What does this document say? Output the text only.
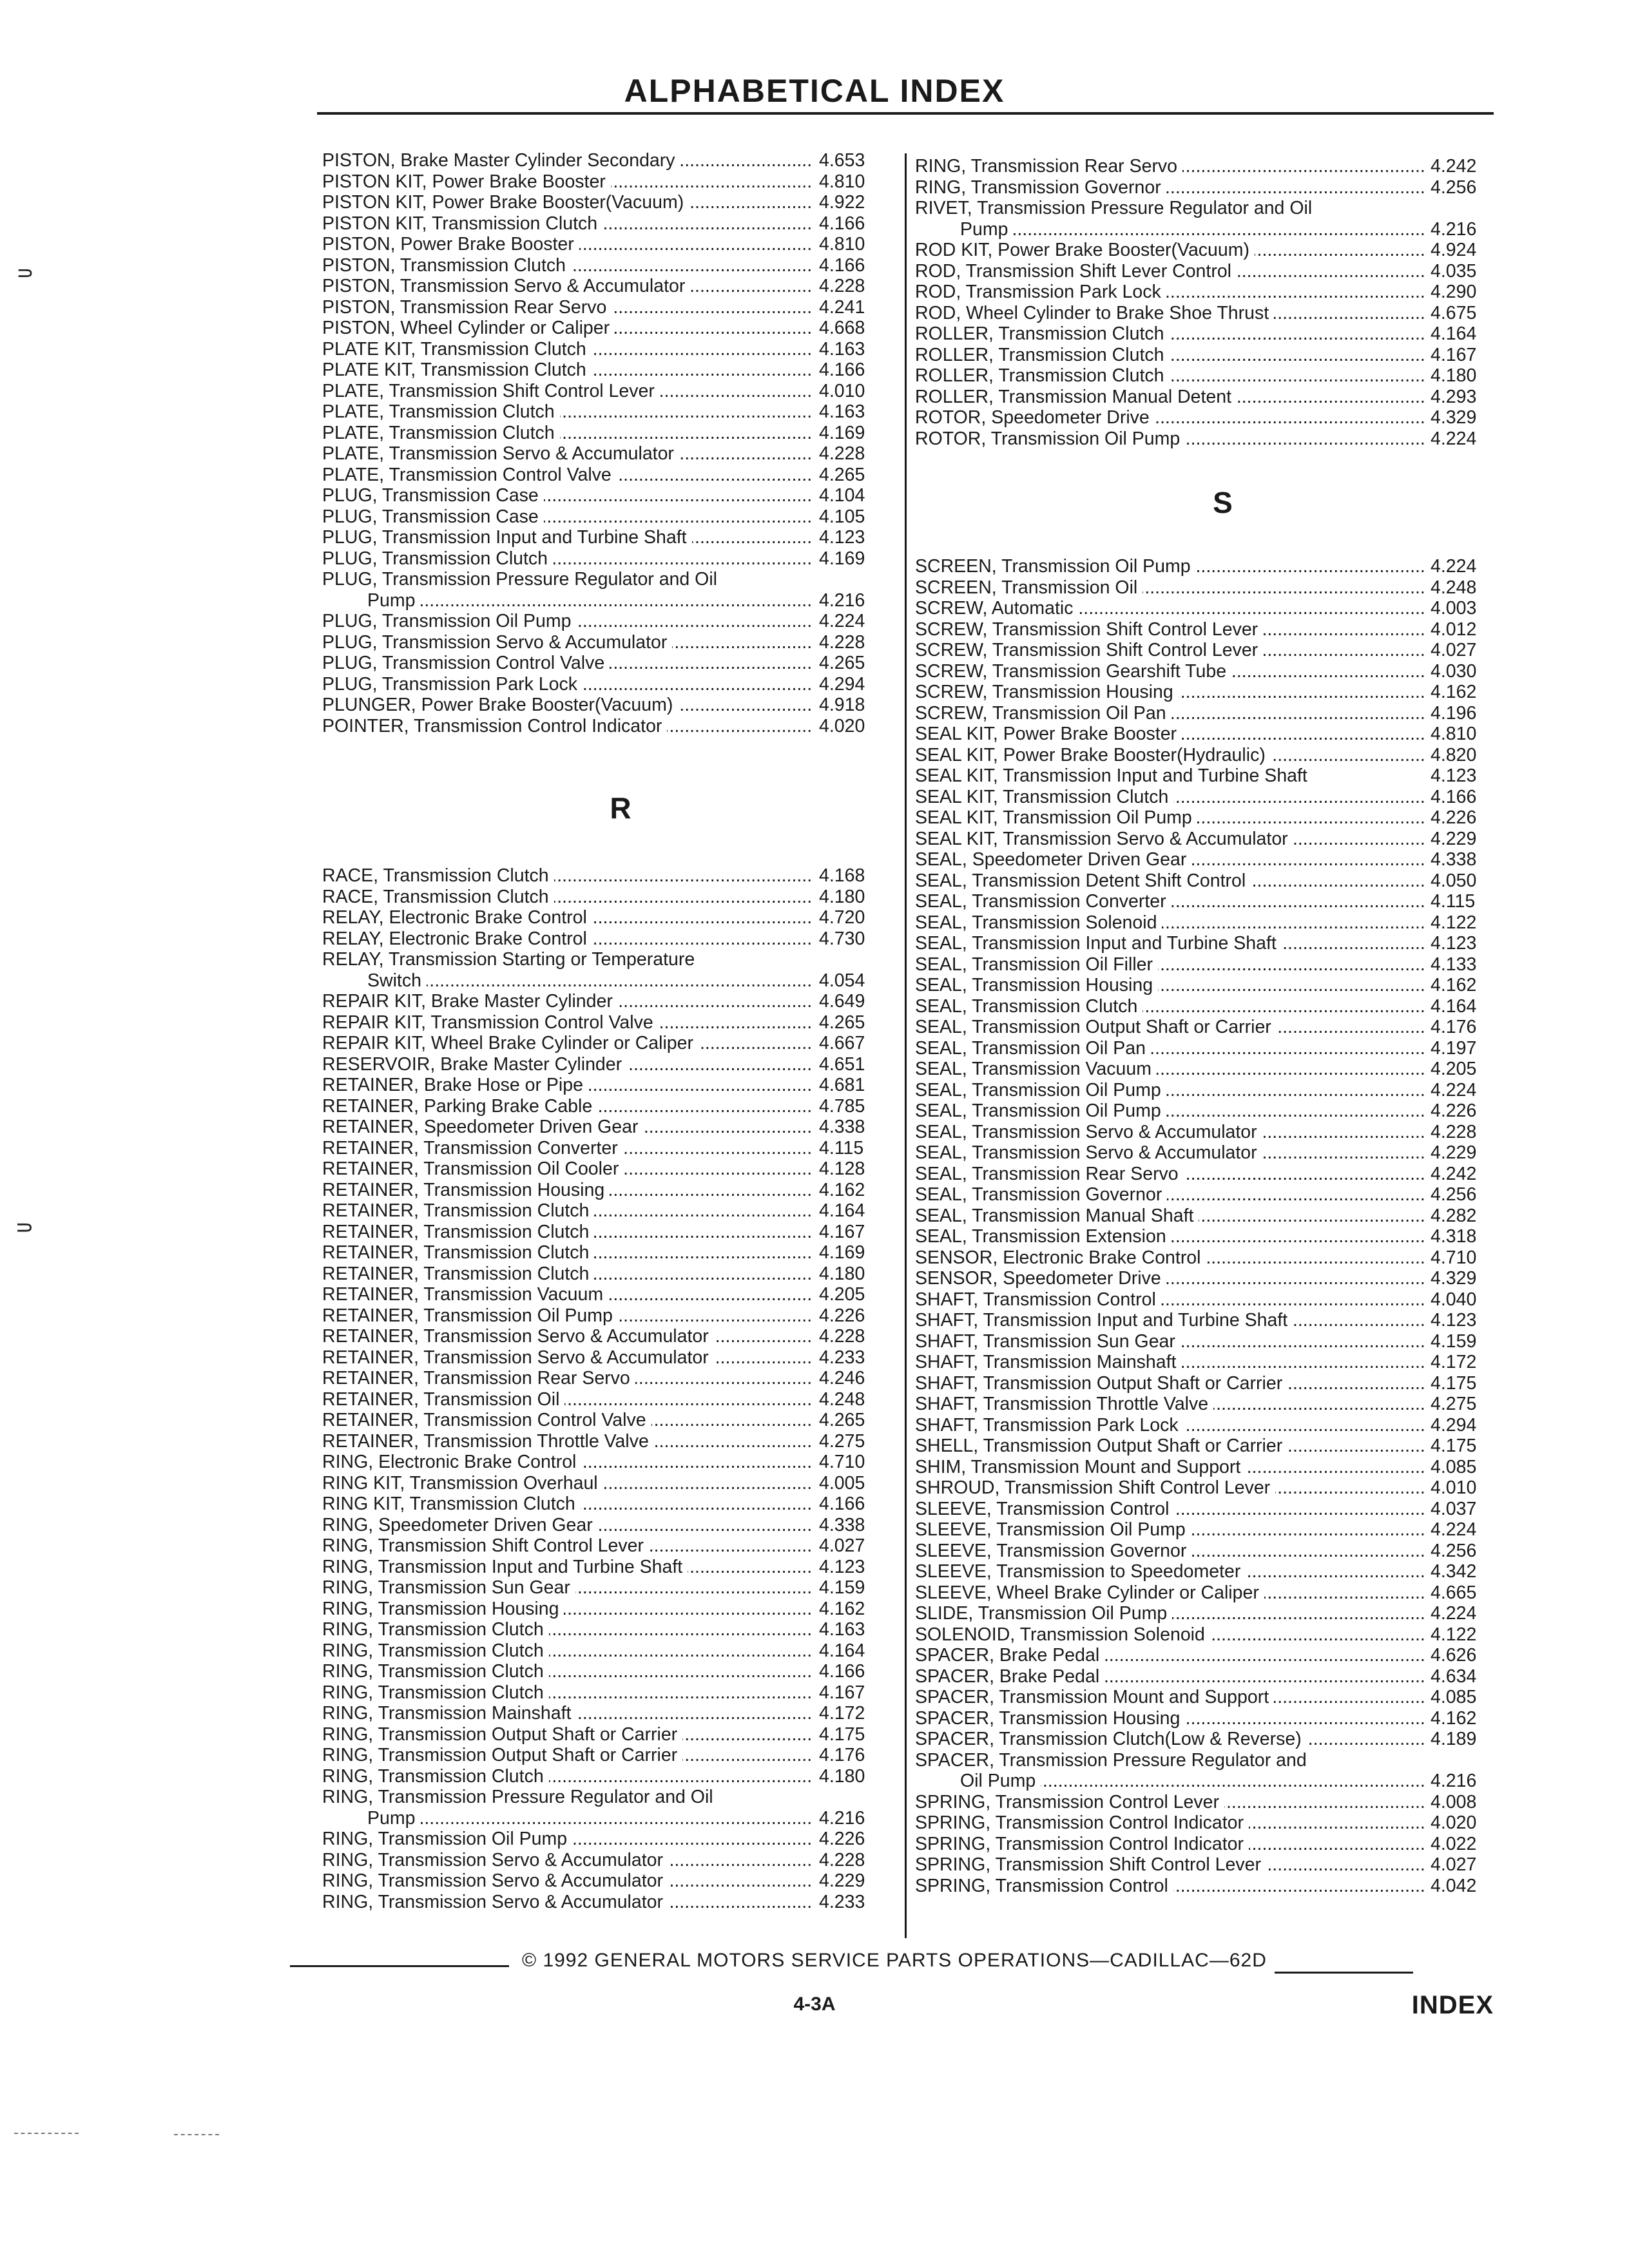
ALPHABETICAL INDEX
.....
PISTON, Brake Master Cylinder Secondary	4.653
.....
PISTON KIT, Power Brake Booster	4.810
.....
PISTON KIT, Power Brake Booster(Vacuum)	4.922
.....
PISTON KIT, Transmission Clutch	4.166
.....
PISTON, Power Brake Booster	4.810
.....
PISTON, Transmission Clutch	4.166
.....
PISTON, Transmission Servo & Accumulator	4.228
.....
PISTON, Transmission Rear Servo	4.241
.....
PISTON, Wheel Cylinder or Caliper	4.668
.....
PLATE KIT, Transmission Clutch	4.163
.....
PLATE KIT, Transmission Clutch	4.166
.....
PLATE, Transmission Shift Control Lever	4.010
.....
PLATE, Transmission Clutch	4.163
.....
PLATE, Transmission Clutch	4.169
.....
PLATE, Transmission Servo & Accumulator	4.228
.....
PLATE, Transmission Control Valve	4.265
.....
PLUG, Transmission Case	4.104
.....
PLUG, Transmission Case	4.105
.....
PLUG, Transmission Input and Turbine Shaft	4.123
.....
PLUG, Transmission Clutch	4.169
PLUG, Transmission Pressure Regulator and Oil
.....
Pump	4.216
.....
PLUG, Transmission Oil Pump	4.224
.....
PLUG, Transmission Servo & Accumulator	4.228
.....
PLUG, Transmission Control Valve	4.265
.....
PLUG, Transmission Park Lock	4.294
.....
PLUNGER, Power Brake Booster(Vacuum)	4.918
.....
POINTER, Transmission Control Indicator	4.020
R
.....
RACE, Transmission Clutch	4.168
.....
RACE, Transmission Clutch	4.180
.....
RELAY, Electronic Brake Control	4.720
.....
RELAY, Electronic Brake Control	4.730
RELAY, Transmission Starting or Temperature
.....
Switch	4.054
.....
REPAIR KIT, Brake Master Cylinder	4.649
.....
REPAIR KIT, Transmission Control Valve	4.265
.....
REPAIR KIT, Wheel Brake Cylinder or Caliper	4.667
.....
RESERVOIR, Brake Master Cylinder	4.651
.....
RETAINER, Brake Hose or Pipe	4.681
.....
RETAINER, Parking Brake Cable	4.785
.....
RETAINER, Speedometer Driven Gear	4.338
.....
RETAINER, Transmission Converter	4.115
.....
RETAINER, Transmission Oil Cooler	4.128
.....
RETAINER, Transmission Housing	4.162
.....
RETAINER, Transmission Clutch	4.164
.....
RETAINER, Transmission Clutch	4.167
.....
RETAINER, Transmission Clutch	4.169
.....
RETAINER, Transmission Clutch	4.180
.....
RETAINER, Transmission Vacuum	4.205
.....
RETAINER, Transmission Oil Pump	4.226
.....
RETAINER, Transmission Servo & Accumulator	4.228
.....
RETAINER, Transmission Servo & Accumulator	4.233
.....
RETAINER, Transmission Rear Servo	4.246
.....
RETAINER, Transmission Oil	4.248
.....
RETAINER, Transmission Control Valve	4.265
.....
RETAINER, Transmission Throttle Valve	4.275
.....
RING, Electronic Brake Control	4.710
.....
RING KIT, Transmission Overhaul	4.005
.....
RING KIT, Transmission Clutch	4.166
.....
RING, Speedometer Driven Gear	4.338
.....
RING, Transmission Shift Control Lever	4.027
.....
RING, Transmission Input and Turbine Shaft	4.123
.....
RING, Transmission Sun Gear	4.159
.....
RING, Transmission Housing	4.162
.....
RING, Transmission Clutch	4.163
.....
RING, Transmission Clutch	4.164
.....
RING, Transmission Clutch	4.166
.....
RING, Transmission Clutch	4.167
.....
RING, Transmission Mainshaft	4.172
.....
RING, Transmission Output Shaft or Carrier	4.175
.....
RING, Transmission Output Shaft or Carrier	4.176
.....
RING, Transmission Clutch	4.180
RING, Transmission Pressure Regulator and Oil
.....
Pump	4.216
.....
RING, Transmission Oil Pump	4.226
.....
RING, Transmission Servo & Accumulator	4.228
.....
RING, Transmission Servo & Accumulator	4.229
.....
RING, Transmission Servo & Accumulator	4.233
.....
RING, Transmission Rear Servo	4.242
.....
RING, Transmission Governor	4.256
RIVET, Transmission Pressure Regulator and Oil
.....
Pump	4.216
.....
ROD KIT, Power Brake Booster(Vacuum)	4.924
.....
ROD, Transmission Shift Lever Control	4.035
.....
ROD, Transmission Park Lock	4.290
.....
ROD, Wheel Cylinder to Brake Shoe Thrust	4.675
.....
ROLLER, Transmission Clutch	4.164
.....
ROLLER, Transmission Clutch	4.167
.....
ROLLER, Transmission Clutch	4.180
.....
ROLLER, Transmission Manual Detent	4.293
.....
ROTOR, Speedometer Drive	4.329
.....
ROTOR, Transmission Oil Pump	4.224
S
.....
SCREEN, Transmission Oil Pump	4.224
.....
SCREEN, Transmission Oil	4.248
.....
SCREW, Automatic	4.003
.....
SCREW, Transmission Shift Control Lever	4.012
.....
SCREW, Transmission Shift Control Lever	4.027
.....
SCREW, Transmission Gearshift Tube	4.030
.....
SCREW, Transmission Housing	4.162
.....
SCREW, Transmission Oil Pan	4.196
.....
SEAL KIT, Power Brake Booster	4.810
.....
SEAL KIT, Power Brake Booster(Hydraulic)	4.820
SEAL KIT, Transmission Input and Turbine Shaft	4.123
.....
SEAL KIT, Transmission Clutch	4.166
.....
SEAL KIT, Transmission Oil Pump	4.226
.....
SEAL KIT, Transmission Servo & Accumulator	4.229
.....
SEAL, Speedometer Driven Gear	4.338
.....
SEAL, Transmission Detent Shift Control	4.050
.....
SEAL, Transmission Converter	4.115
.....
SEAL, Transmission Solenoid	4.122
.....
SEAL, Transmission Input and Turbine Shaft	4.123
.....
SEAL, Transmission Oil Filler	4.133
.....
SEAL, Transmission Housing	4.162
.....
SEAL, Transmission Clutch	4.164
.....
SEAL, Transmission Output Shaft or Carrier	4.176
.....
SEAL, Transmission Oil Pan	4.197
.....
SEAL, Transmission Vacuum	4.205
.....
SEAL, Transmission Oil Pump	4.224
.....
SEAL, Transmission Oil Pump	4.226
.....
SEAL, Transmission Servo & Accumulator	4.228
.....
SEAL, Transmission Servo & Accumulator	4.229
.....
SEAL, Transmission Rear Servo	4.242
.....
SEAL, Transmission Governor	4.256
.....
SEAL, Transmission Manual Shaft	4.282
.....
SEAL, Transmission Extension	4.318
.....
SENSOR, Electronic Brake Control	4.710
.....
SENSOR, Speedometer Drive	4.329
.....
SHAFT, Transmission Control	4.040
.....
SHAFT, Transmission Input and Turbine Shaft	4.123
.....
SHAFT, Transmission Sun Gear	4.159
.....
SHAFT, Transmission Mainshaft	4.172
.....
SHAFT, Transmission Output Shaft or Carrier	4.175
.....
SHAFT, Transmission Throttle Valve	4.275
.....
SHAFT, Transmission Park Lock	4.294
.....
SHELL, Transmission Output Shaft or Carrier	4.175
.....
SHIM, Transmission Mount and Support	4.085
.....
SHROUD, Transmission Shift Control Lever	4.010
.....
SLEEVE, Transmission Control	4.037
.....
SLEEVE, Transmission Oil Pump	4.224
.....
SLEEVE, Transmission Governor	4.256
.....
SLEEVE, Transmission to Speedometer	4.342
.....
SLEEVE, Wheel Brake Cylinder or Caliper	4.665
.....
SLIDE, Transmission Oil Pump	4.224
.....
SOLENOID, Transmission Solenoid	4.122
.....
SPACER, Brake Pedal	4.626
.....
SPACER, Brake Pedal	4.634
.....
SPACER, Transmission Mount and Support	4.085
.....
SPACER, Transmission Housing	4.162
.....
SPACER, Transmission Clutch(Low & Reverse)	4.189
SPACER, Transmission Pressure Regulator and
.....
Oil Pump	4.216
.....
SPRING, Transmission Control Lever	4.008
.....
SPRING, Transmission Control Indicator	4.020
.....
SPRING, Transmission Control Indicator	4.022
.....
SPRING, Transmission Shift Control Lever	4.027
.....
SPRING, Transmission Control	4.042
© 1992 GENERAL MOTORS SERVICE PARTS OPERATIONS—CADILLAC—62D
4-3A	INDEX
⸧
⸧
